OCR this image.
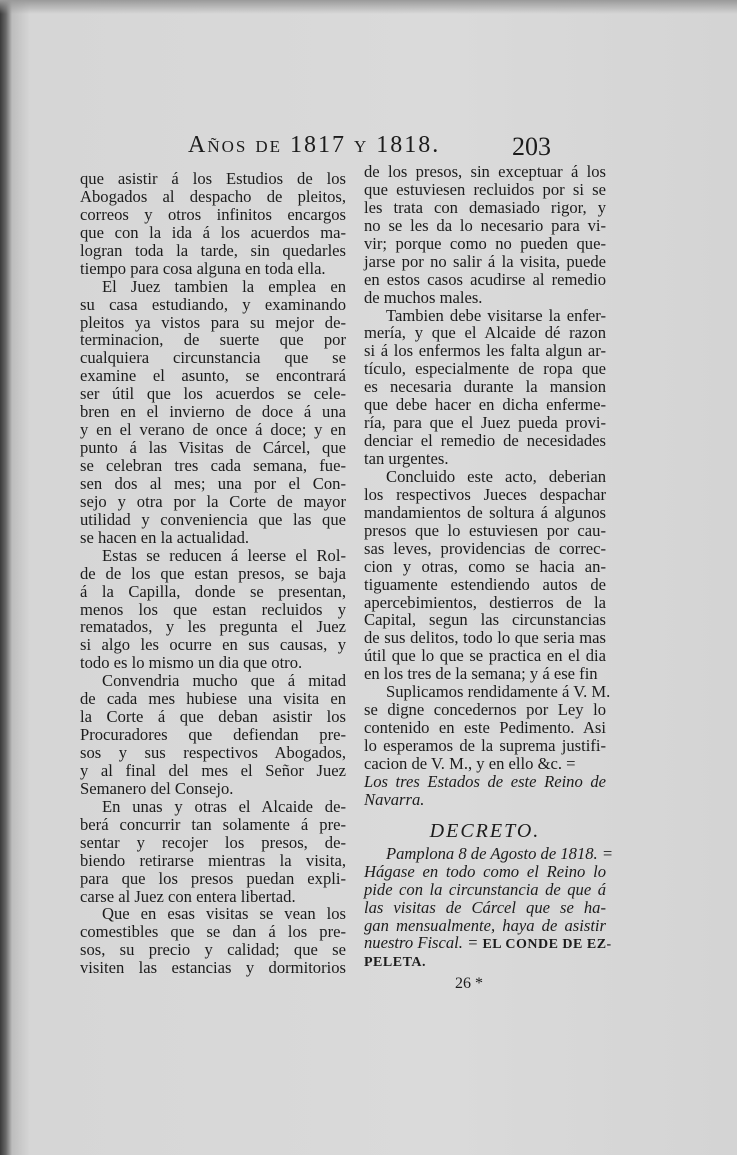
Años de 1817 y 1818.	203
que asistir á los Estudios de los
Abogados al despacho de pleitos,
correos y otros infinitos encargos
que con la ida á los acuerdos ma-
logran toda la tarde, sin quedarles
tiempo para cosa alguna en toda ella.
El Juez tambien la emplea en
su casa estudiando, y examinando
pleitos ya vistos para su mejor de-
terminacion, de suerte que por
cualquiera circunstancia que se
examine el asunto, se encontrará
ser útil que los acuerdos se cele-
bren en el invierno de doce á una
y en el verano de once á doce; y en
punto á las Visitas de Cárcel, que
se celebran tres cada semana, fue-
sen dos al mes; una por el Con-
sejo y otra por la Corte de mayor
utilidad y conveniencia que las que
se hacen en la actualidad.
Estas se reducen á leerse el Rol-
de de los que estan presos, se baja
á la Capilla, donde se presentan,
menos los que estan recluidos y
rematados, y les pregunta el Juez
si algo les ocurre en sus causas, y
todo es lo mismo un dia que otro.
Convendria mucho que á mitad
de cada mes hubiese una visita en
la Corte á que deban asistir los
Procuradores que defiendan pre-
sos y sus respectivos Abogados,
y al final del mes el Señor Juez
Semanero del Consejo.
En unas y otras el Alcaide de-
berá concurrir tan solamente á pre-
sentar y recojer los presos, de-
biendo retirarse mientras la visita,
para que los presos puedan expli-
carse al Juez con entera libertad.
Que en esas visitas se vean los
comestibles que se dan á los pre-
sos, su precio y calidad; que se
visiten las estancias y dormitorios
de los presos, sin exceptuar á los
que estuviesen recluidos por si se
les trata con demasiado rigor, y
no se les da lo necesario para vi-
vir; porque como no pueden que-
jarse por no salir á la visita, puede
en estos casos acudirse al remedio
de muchos males.
Tambien debe visitarse la enfer-
mería, y que el Alcaide dé razon
si á los enfermos les falta algun ar-
tículo, especialmente de ropa que
es necesaria durante la mansion
que debe hacer en dicha enferme-
ría, para que el Juez pueda provi-
denciar el remedio de necesidades
tan urgentes.
Concluido este acto, deberian
los respectivos Jueces despachar
mandamientos de soltura á algunos
presos que lo estuviesen por cau-
sas leves, providencias de correc-
cion y otras, como se hacia an-
tiguamente estendiendo autos de
apercebimientos, destierros de la
Capital, segun las circunstancias
de sus delitos, todo lo que seria mas
útil que lo que se practica en el dia
en los tres de la semana; y á ese fin
Suplicamos rendidamente á V. M.
se digne concedernos por Ley lo
contenido en este Pedimento. Asi
lo esperamos de la suprema justifi-
cacion de V. M., y en ello &c. =
Los tres Estados de este Reino de
Navarra.
DECRETO.
Pamplona 8 de Agosto de 1818. =
Hágase en todo como el Reino lo
pide con la circunstancia de que á
las visitas de Cárcel que se ha-
gan mensualmente, haya de asistir
nuestro Fiscal. = EL CONDE DE EZ-
PELETA.
26 *
